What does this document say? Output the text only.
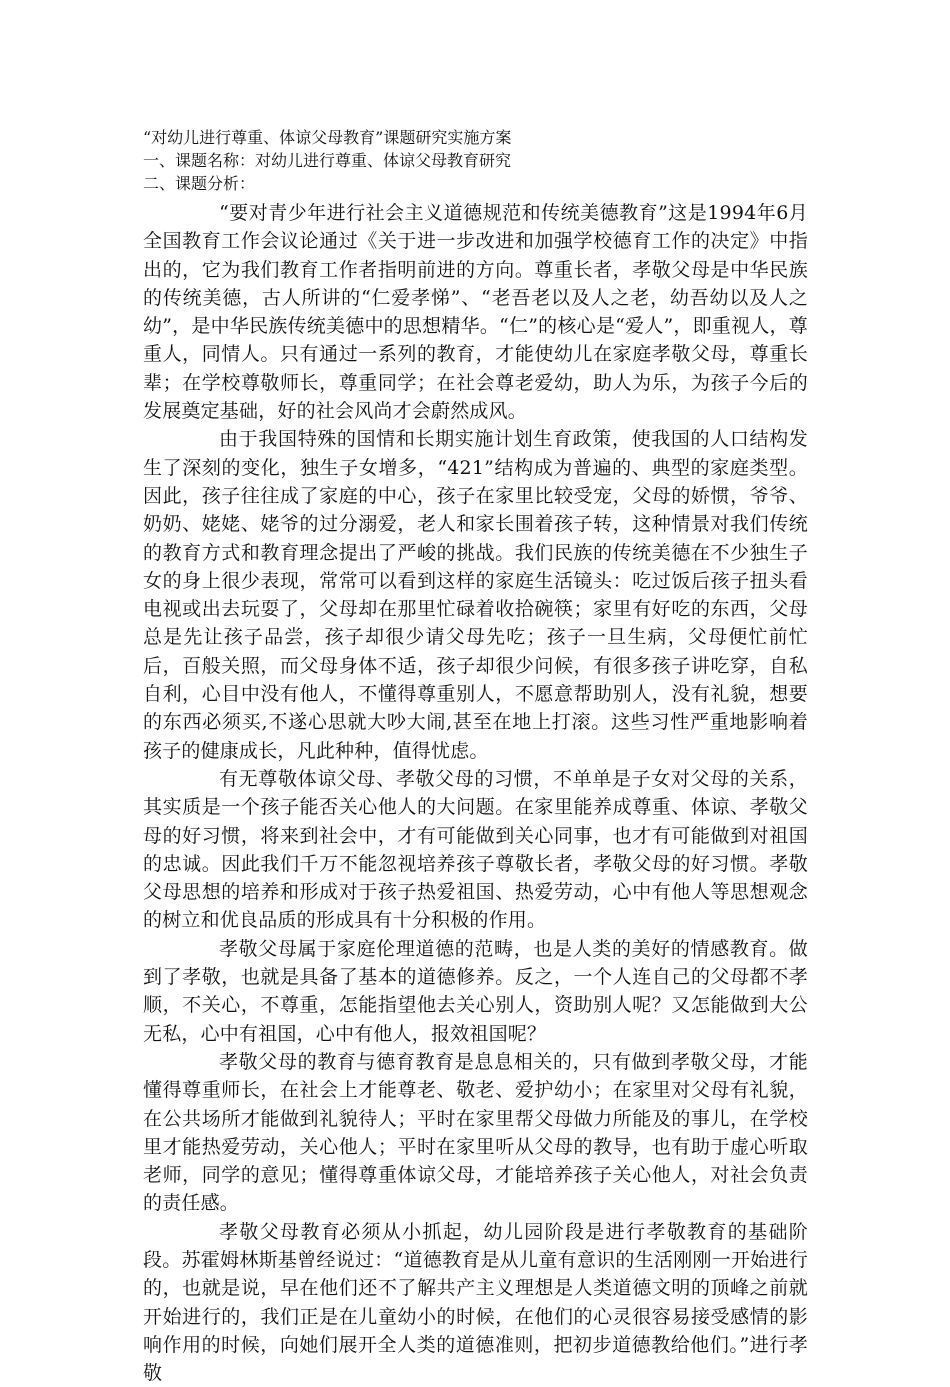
“对幼儿进行尊重、体谅父母教育”课题研究实施方案
一、课题名称：对幼儿进行尊重、体谅父母教育研究
二、课题分析：

“要对青少年进行社会主义道德规范和传统美德教育”这是1994年6月全国教育工作会议论通过《关于进一步改进和加强学校德育工作的决定》中指出的，它为我们教育工作者指明前进的方向。尊重长者，孝敬父母是中华民族的传统美德，古人所讲的“仁爱孝悌”、“老吾老以及人之老，幼吾幼以及人之幼”，是中华民族传统美德中的思想精华。“仁”的核心是“爱人”，即重视人，尊重人，同情人。只有通过一系列的教育，才能使幼儿在家庭孝敬父母，尊重长辈；在学校尊敬师长，尊重同学；在社会尊老爱幼，助人为乐，为孩子今后的发展奠定基础，好的社会风尚才会蔚然成风。

由于我国特殊的国情和长期实施计划生育政策，使我国的人口结构发生了深刻的变化，独生子女增多，“421”结构成为普遍的、典型的家庭类型。因此，孩子往往成了家庭的中心，孩子在家里比较受宠，父母的娇惯，爷爷、奶奶、姥姥、姥爷的过分溺爱，老人和家长围着孩子转，这种情景对我们传统的教育方式和教育理念提出了严峻的挑战。我们民族的传统美德在不少独生子女的身上很少表现，常常可以看到这样的家庭生活镜头：吃过饭后孩子扭头看电视或出去玩耍了，父母却在那里忙碌着收拾碗筷；家里有好吃的东西，父母总是先让孩子品尝，孩子却很少请父母先吃；孩子一旦生病，父母便忙前忙后，百般关照，而父母身体不适，孩子却很少问候，有很多孩子讲吃穿，自私自利，心目中没有他人，不懂得尊重别人，不愿意帮助别人，没有礼貌，想要的东西必须买,不遂心思就大吵大闹,甚至在地上打滚。这些习性严重地影响着孩子的健康成长，凡此种种，值得忧虑。

有无尊敬体谅父母、孝敬父母的习惯，不单单是子女对父母的关系，其实质是一个孩子能否关心他人的大问题。在家里能养成尊重、体谅、孝敬父母的好习惯，将来到社会中，才有可能做到关心同事，也才有可能做到对祖国的忠诚。因此我们千万不能忽视培养孩子尊敬长者，孝敬父母的好习惯。孝敬父母思想的培养和形成对于孩子热爱祖国、热爱劳动，心中有他人等思想观念的树立和优良品质的形成具有十分积极的作用。

孝敬父母属于家庭伦理道德的范畴，也是人类的美好的情感教育。做到了孝敬，也就是具备了基本的道德修养。反之，一个人连自己的父母都不孝顺，不关心，不尊重，怎能指望他去关心别人，资助别人呢？又怎能做到大公无私，心中有祖国，心中有他人，报效祖国呢？

孝敬父母的教育与德育教育是息息相关的，只有做到孝敬父母，才能懂得尊重师长，在社会上才能尊老、敬老、爱护幼小；在家里对父母有礼貌，在公共场所才能做到礼貌待人；平时在家里帮父母做力所能及的事儿，在学校里才能热爱劳动，关心他人；平时在家里听从父母的教导，也有助于虚心听取老师，同学的意见；懂得尊重体谅父母，才能培养孩子关心他人，对社会负责的责任感。

孝敬父母教育必须从小抓起，幼儿园阶段是进行孝敬教育的基础阶段。苏霍姆林斯基曾经说过：“道德教育是从儿童有意识的生活刚刚一开始进行的，也就是说，早在他们还不了解共产主义理想是人类道德文明的顶峰之前就开始进行的，我们正是在儿童幼小的时候，在他们的心灵很容易接受感情的影响作用的时候，向她们展开全人类的道德准则，把初步道德教给他们。”进行孝敬
